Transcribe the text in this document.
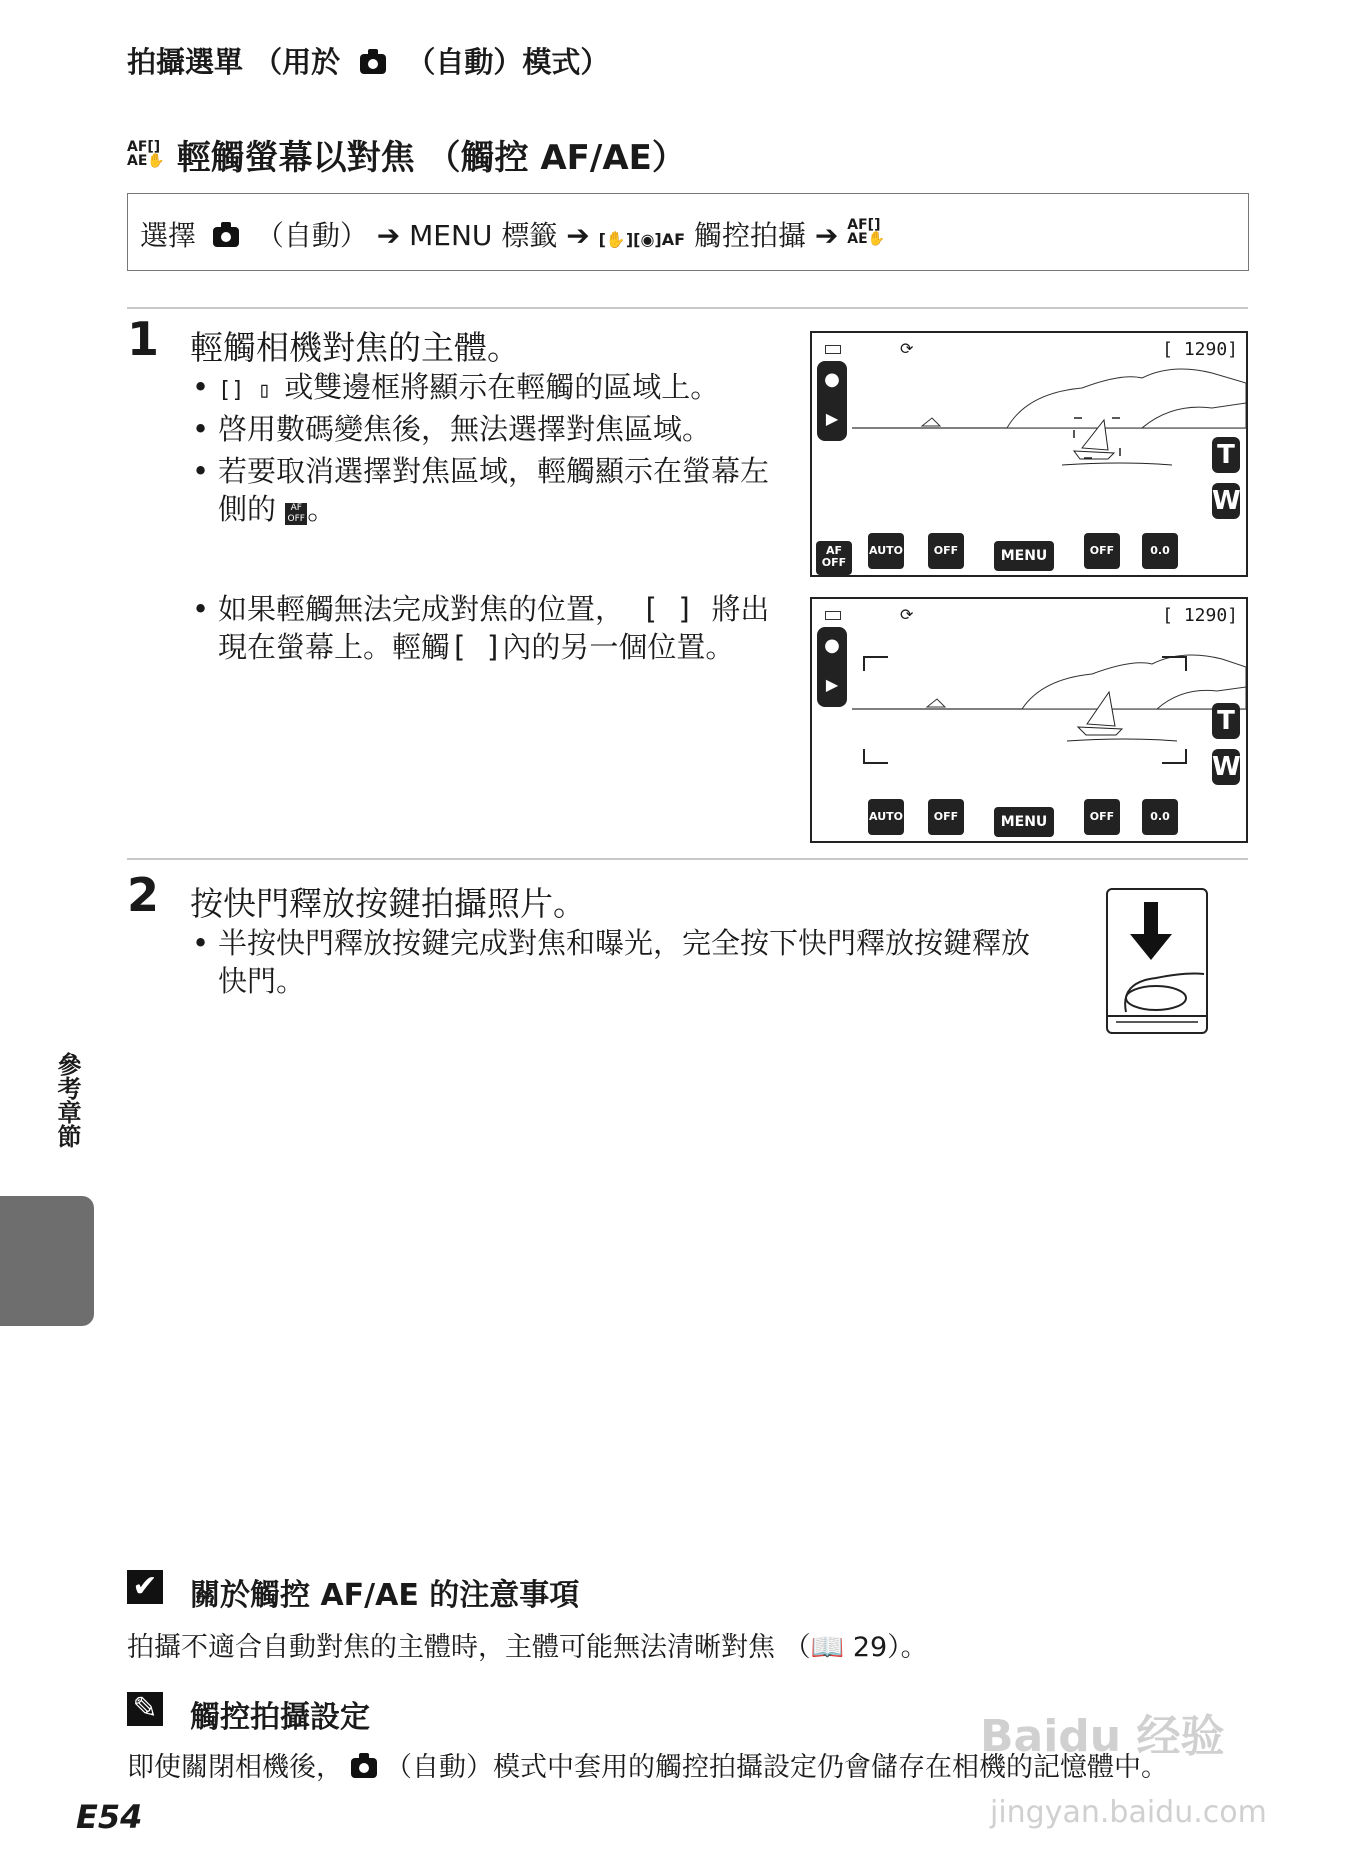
拍攝選單 （用於 （自動）模式）
AF[]
AE✋ 輕觸螢幕以對焦 （觸控 AF/AE）
選擇 （自動） ➔ MENU 標籤 ➔ [✋][◉]AF 觸控拍攝 ➔ AF[]
AE✋
1 輕觸相機對焦的主體。
• [] ▯ 或雙邊框將顯示在輕觸的區域上。
• 啓用數碼變焦後，無法選擇對焦區域。
• 若要取消選擇對焦區域，輕觸顯示在螢幕左側的 AF
OFF。
• 如果輕觸無法完成對焦的位置， [ ] 將出現在螢幕上。輕觸[ ]內的另一個位置。
⟳	[ 1290]
●
▶
T
W
AF OFF
AUTO	OFF	MENU	OFF	0.0
⟳	[ 1290]
●
▶
T
W
AUTO	OFF	MENU	OFF	0.0
2 按快門釋放按鍵拍攝照片。
• 半按快門釋放按鍵完成對焦和曝光，完全按下快門釋放按鍵釋放快門。
參考章節
✔ 關於觸控 AF/AE 的注意事項
拍攝不適合自動對焦的主體時，主體可能無法清晰對焦 （📖 29）。
✎ 觸控拍攝設定
即使關閉相機後， （自動）模式中套用的觸控拍攝設定仍會儲存在相機的記憶體中。
E54
Baidu 经验
jingyan.baidu.com
